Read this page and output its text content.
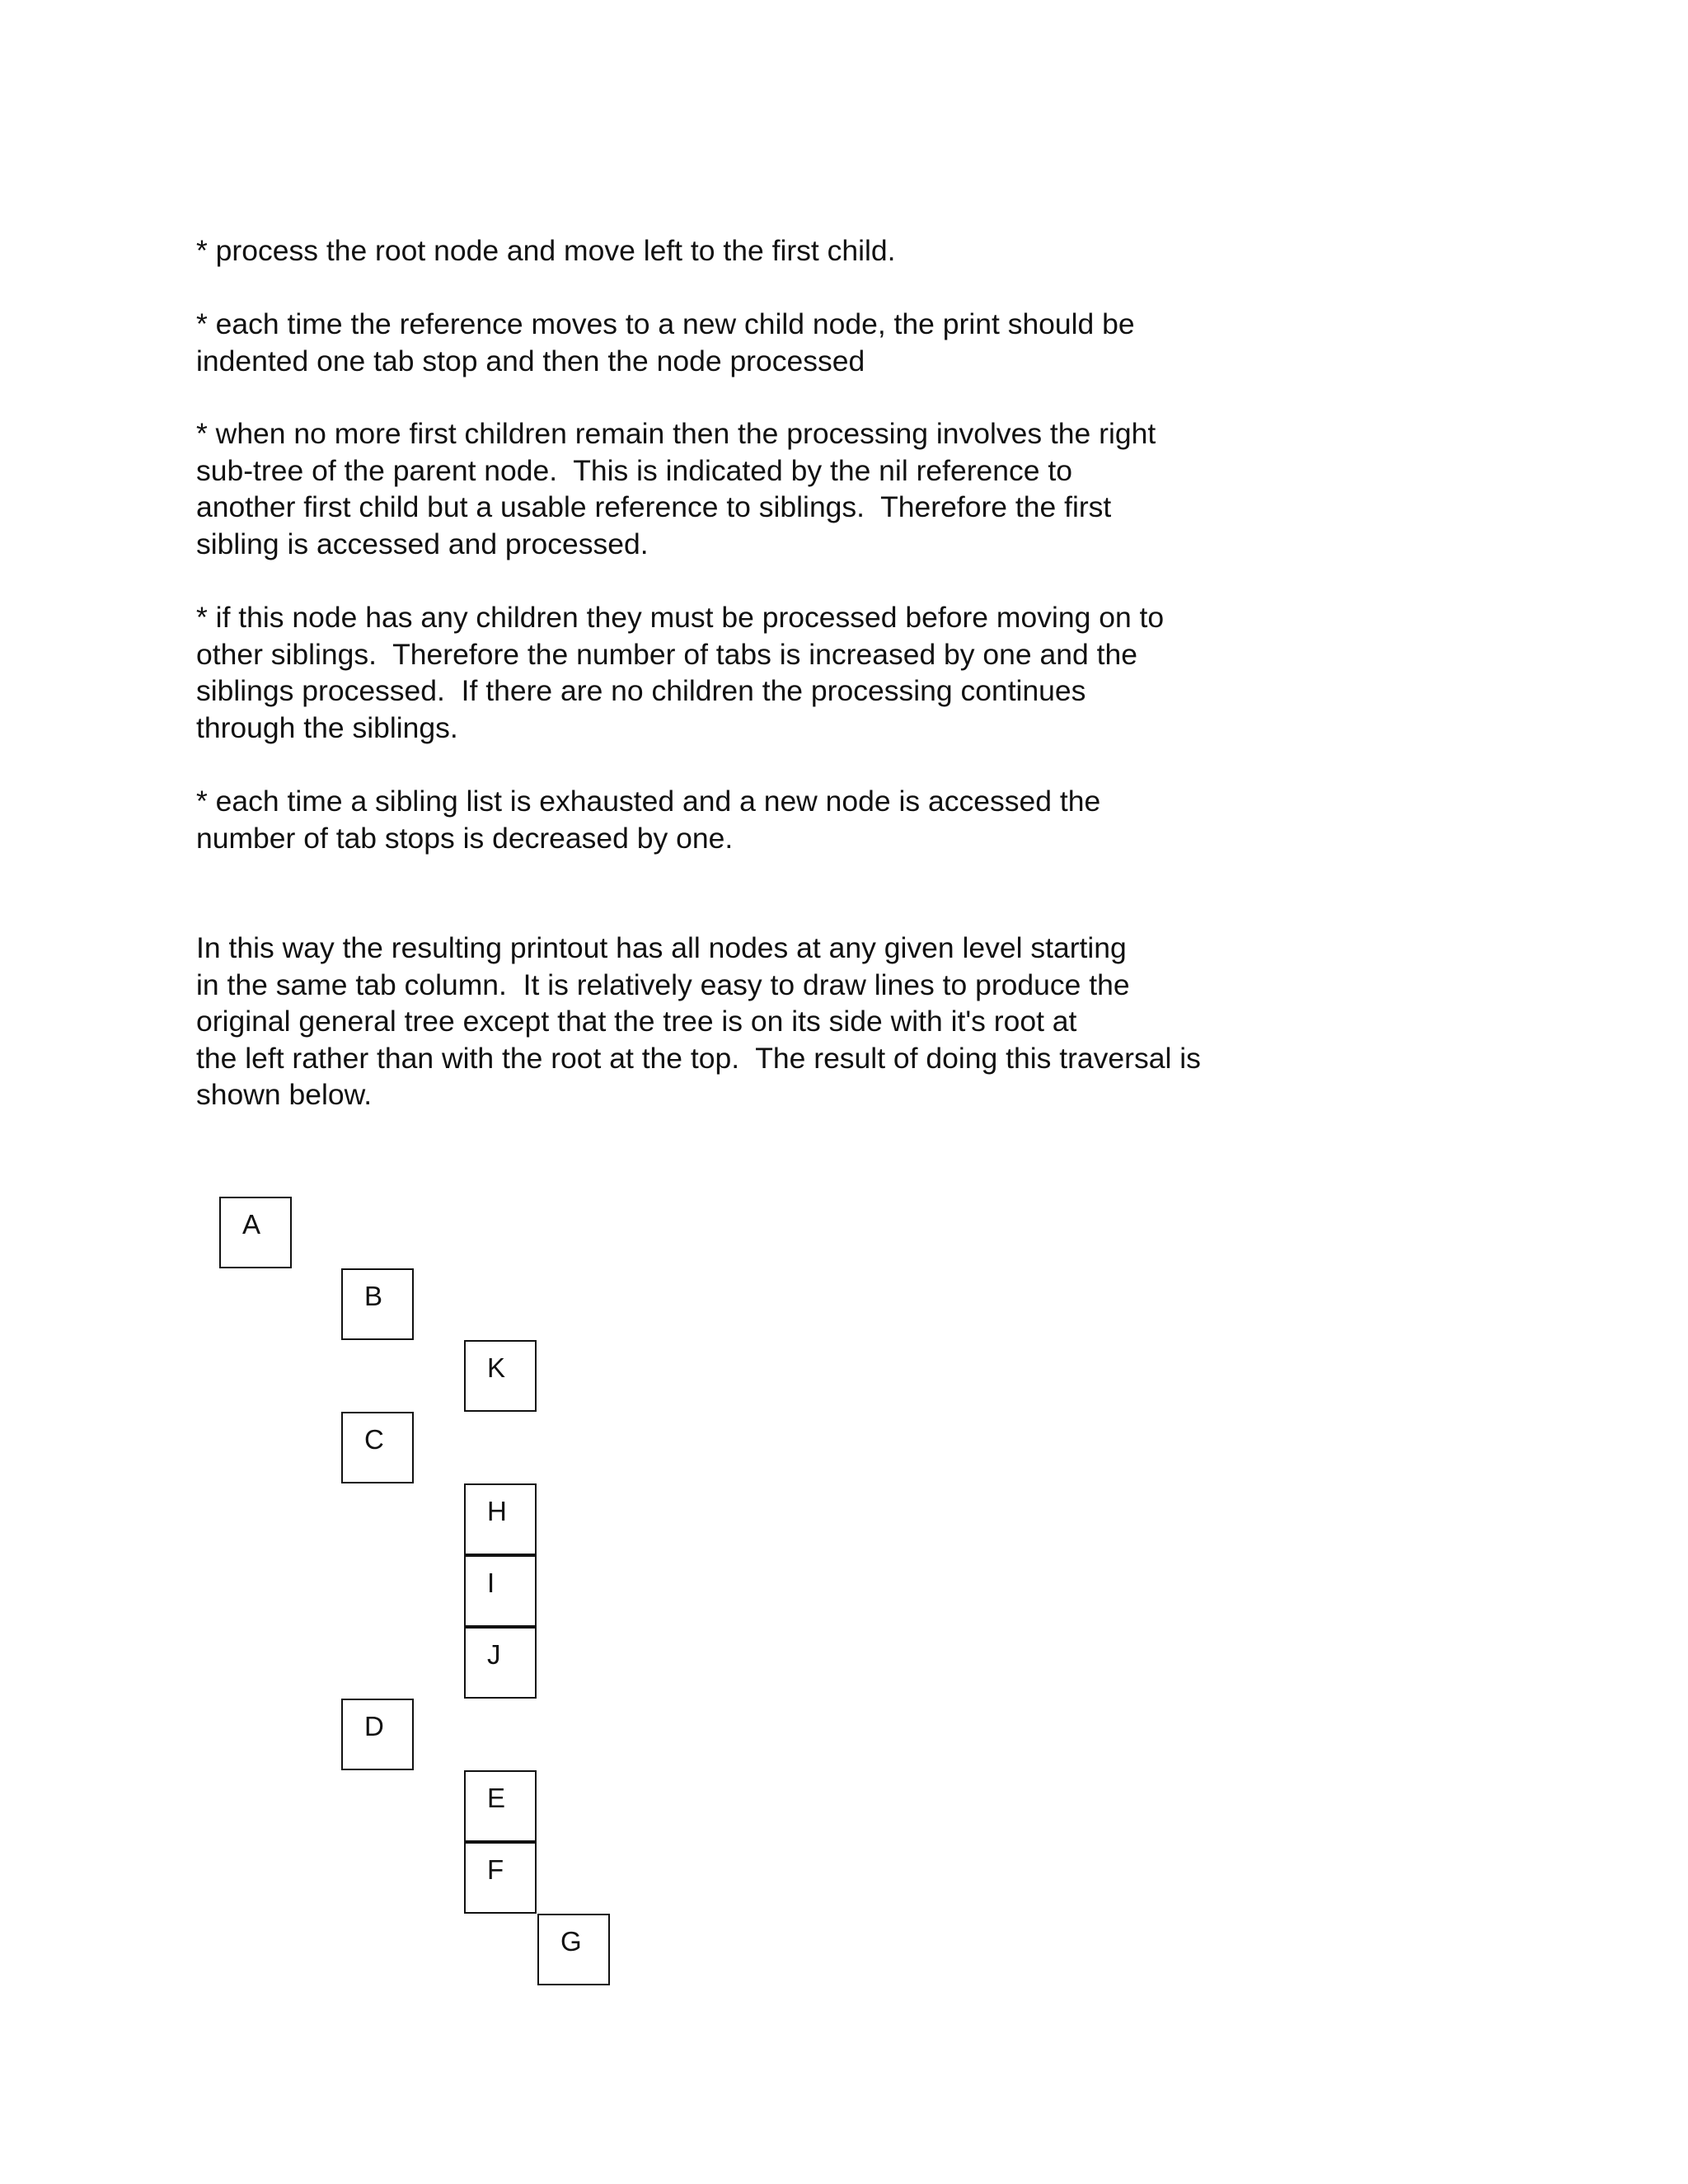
* process the root node and move left to the first child.
* each time the reference moves to a new child node, the print should be
indented one tab stop and then the node processed
* when no more first children remain then the processing involves the right
sub-tree of the parent node.  This is indicated by the nil reference to
another first child but a usable reference to siblings.  Therefore the first
sibling is accessed and processed.
* if this node has any children they must be processed before moving on to
other siblings.  Therefore the number of tabs is increased by one and the
siblings processed.  If there are no children the processing continues
through the siblings.
* each time a sibling list is exhausted and a new node is accessed the
number of tab stops is decreased by one.
In this way the resulting printout has all nodes at any given level starting
in the same tab column.  It is relatively easy to draw lines to produce the
original general tree except that the tree is on its side with it's root at
the left rather than with the root at the top.  The result of doing this traversal is
shown below.
A
B
K
C
H
I
J
D
E
F
G
